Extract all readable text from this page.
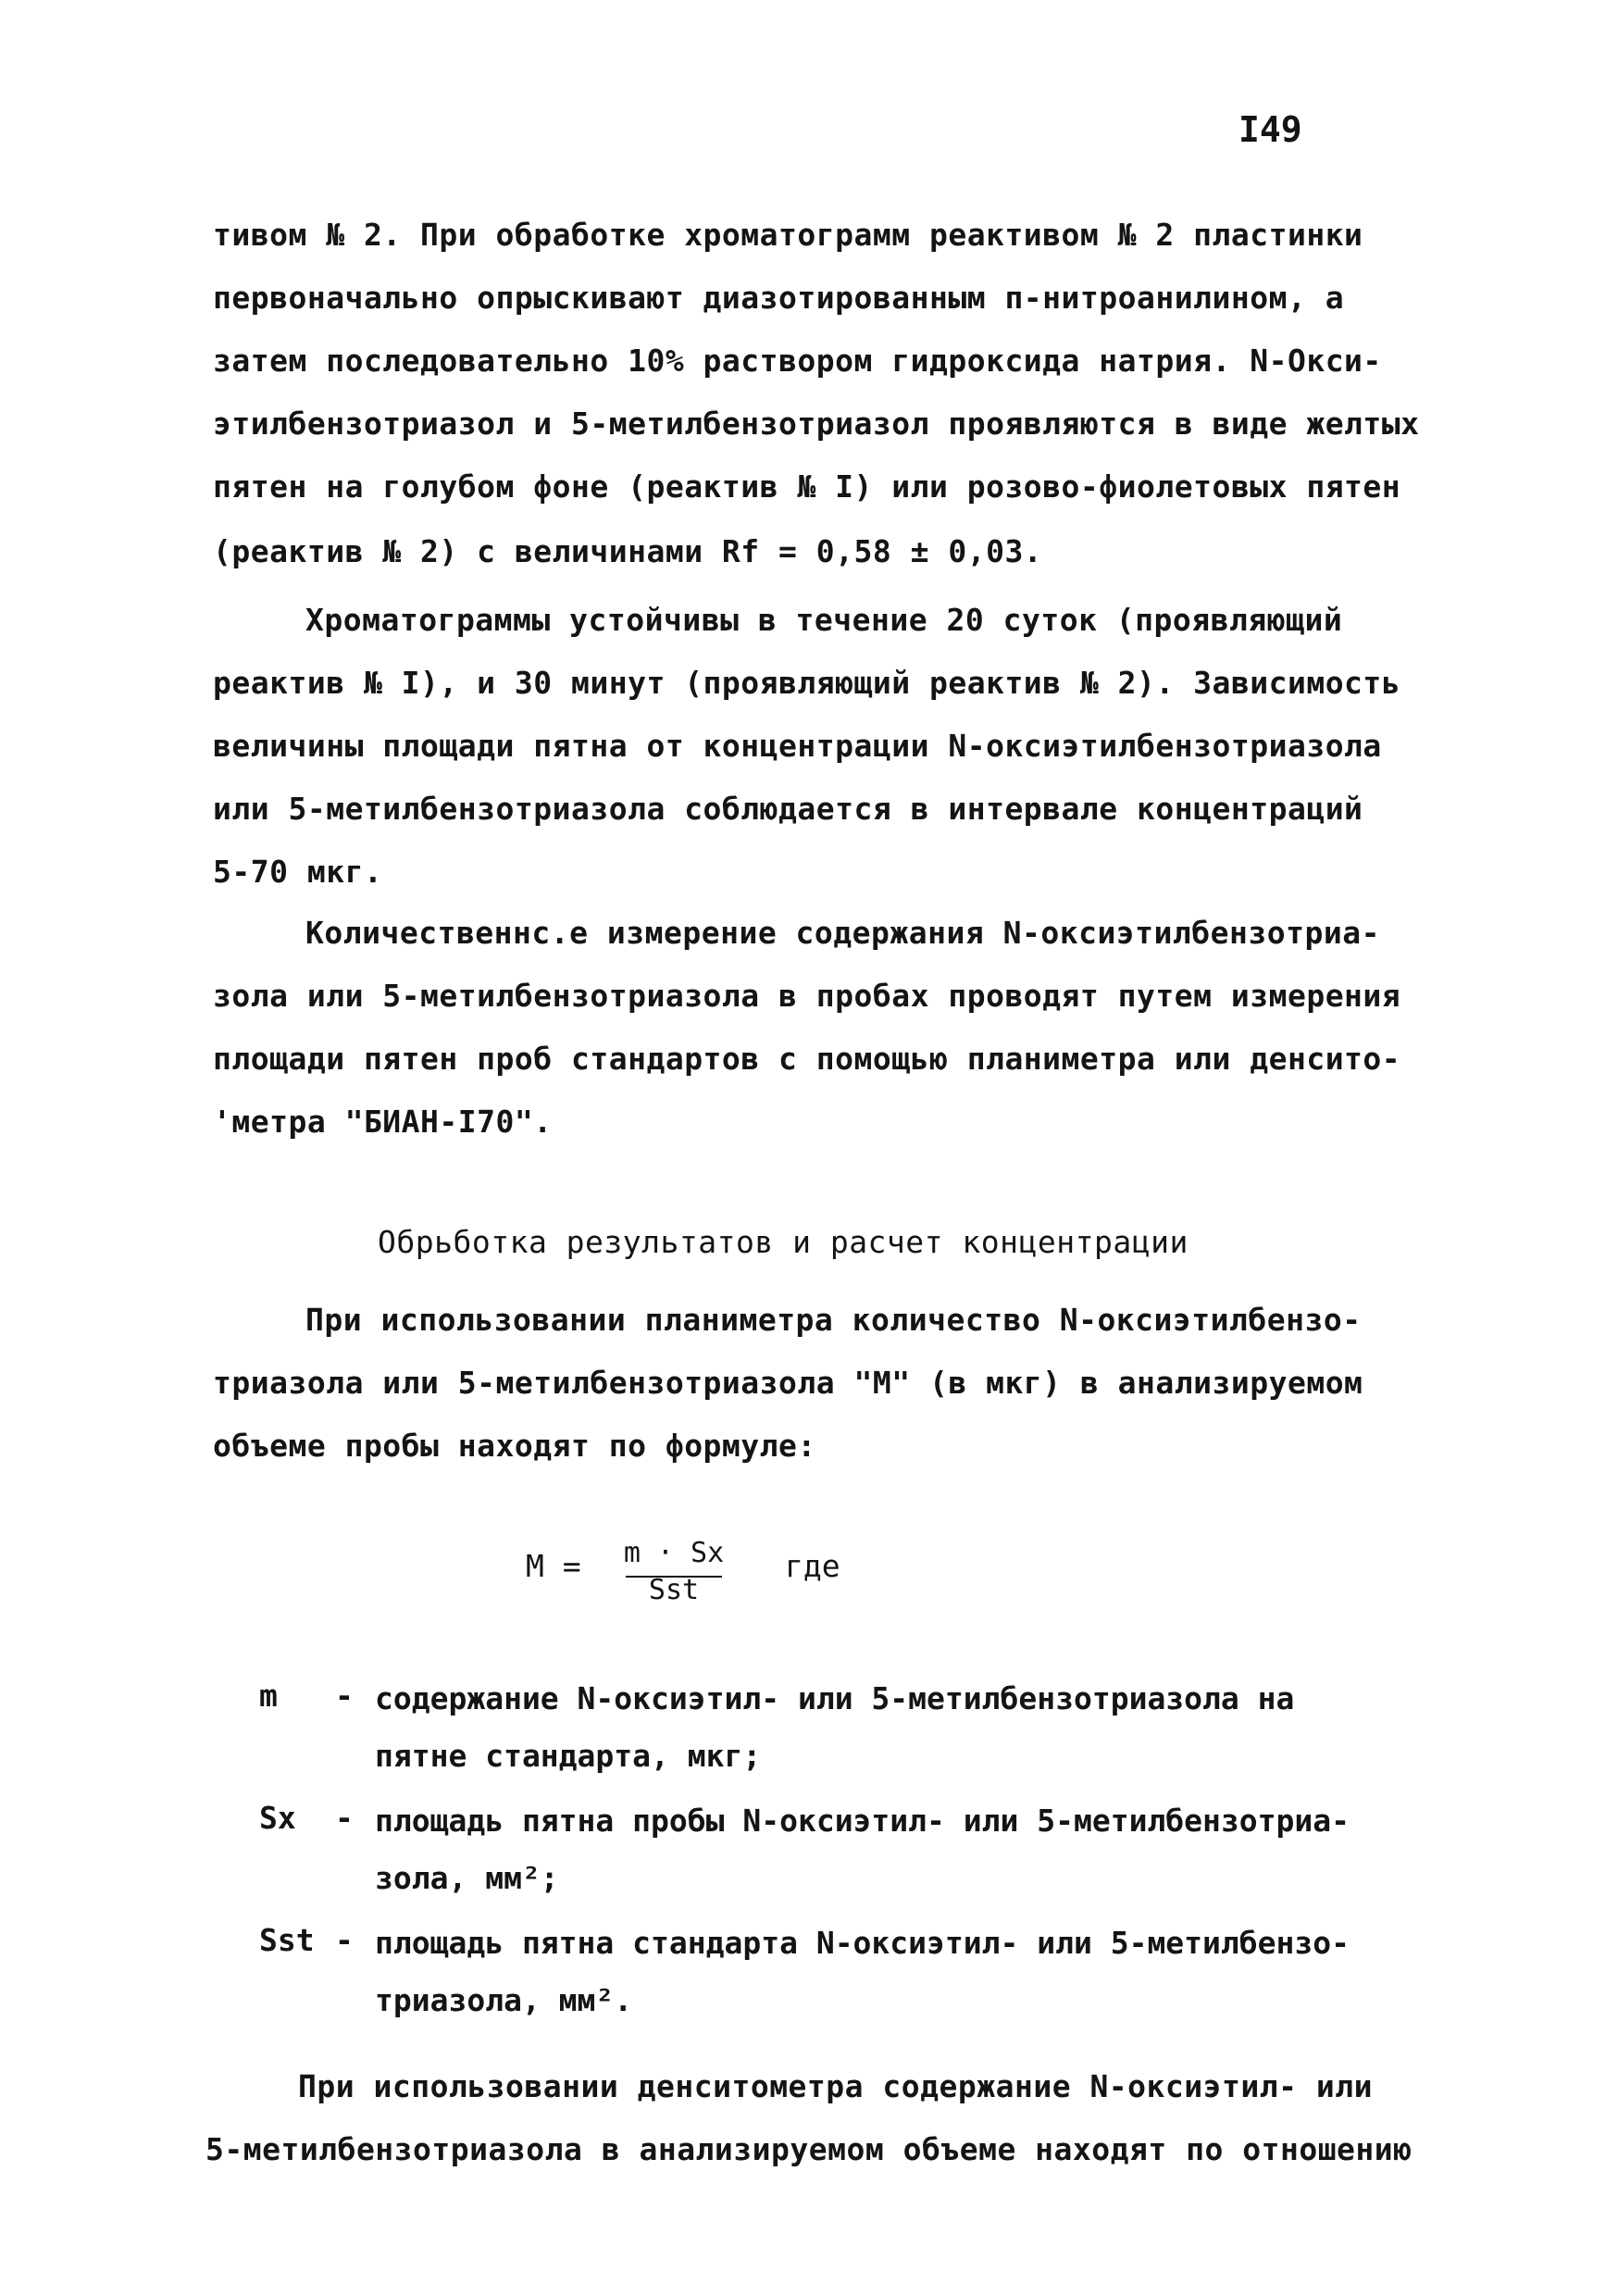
I49
тивом № 2. При обработке хроматограмм реактивом № 2 пластинки
первоначально опрыскивают диазотированным п-нитроанилином, а
затем последовательно 10% раствором гидроксида натрия. N-Окси-
этилбензотриазол и 5-метилбензотриазол проявляются в виде желтых
пятен на голубом фоне (реактив № I) или розово-фиолетовых пятен
(реактив № 2) с величинами Rf = 0,58 ± 0,03.
Хроматограммы устойчивы в течение 20 суток (проявляющий
реактив № I), и 30 минут (проявляющий реактив № 2). Зависимость
величины площади пятна от концентрации N-оксиэтилбензотриазола
или 5-метилбензотриазола соблюдается в интервале концентраций
5-70 мкг.
Количественнс.е измерение содержания N-оксиэтилбензотриа-
зола или 5-метилбензотриазола в пробах проводят путем измерения
площади пятен проб стандартов с помощью планиметра или денсито-
'метра "БИАН-I70".
Обрьботка результатов и расчет концентрации
При использовании планиметра количество N-оксиэтилбензо-
триазола или 5-метилбензотриазола "M" (в мкг) в анализируемом
объеме пробы находят по формуле:
M = m · Sx
Sst
где
m	- содержание N-оксиэтил- или 5-метилбензотриазола на
пятне стандарта, мкг;
Sx	- площадь пятна пробы N-оксиэтил- или 5-метилбензотриа-
зола, мм²;
Sst - площадь пятна стандарта N-оксиэтил- или 5-метилбензо-
триазола, мм².
При использовании денситометра содержание N-оксиэтил- или
5-метилбензотриазола в анализируемом объеме находят по отношению
